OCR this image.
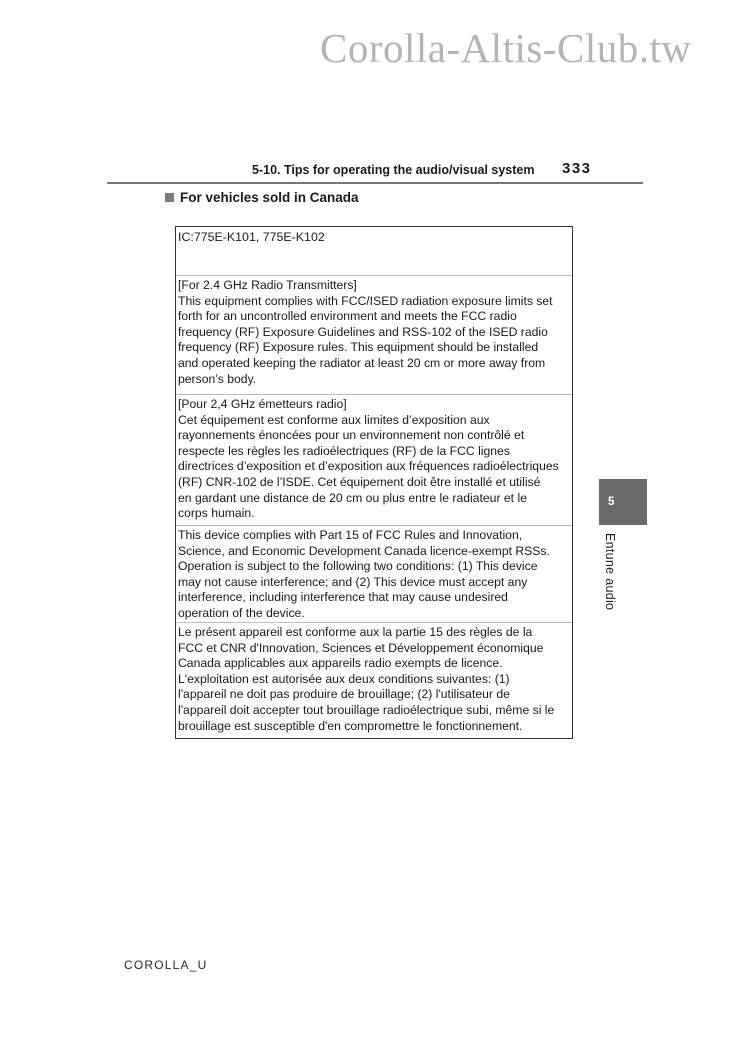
Corolla-Altis-Club.tw
5-10. Tips for operating the audio/visual system 333
For vehicles sold in Canada
IC:775E-K101, 775E-K102
[For 2.4 GHz Radio Transmitters]
This equipment complies with FCC/ISED radiation exposure limits set
forth for an uncontrolled environment and meets the FCC radio
frequency (RF) Exposure Guidelines and RSS-102 of the ISED radio
frequency (RF) Exposure rules. This equipment should be installed
and operated keeping the radiator at least 20 cm or more away from
person’s body.
[Pour 2,4 GHz émetteurs radio]
Cet équipement est conforme aux limites d’exposition aux
rayonnements énoncées pour un environnement non contrôlé et
respecte les règles les radioélectriques (RF) de la FCC lignes
directrices d’exposition et d’exposition aux fréquences radioélectriques
(RF) CNR-102 de l’ISDE. Cet équipement doit être installé et utilisé
en gardant une distance de 20 cm ou plus entre le radiateur et le
corps humain.
This device complies with Part 15 of FCC Rules and Innovation,
Science, and Economic Development Canada licence-exempt RSSs.
Operation is subject to the following two conditions: (1) This device
may not cause interference; and (2) This device must accept any
interference, including interference that may cause undesired
operation of the device.
Le présent appareil est conforme aux la partie 15 des règles de la
FCC et CNR d'Innovation, Sciences et Développement économique
Canada applicables aux appareils radio exempts de licence.
L'exploitation est autorisée aux deux conditions suivantes: (1)
l'appareil ne doit pas produire de brouillage; (2) l'utilisateur de
l'appareil doit accepter tout brouillage radioélectrique subi, même si le
brouillage est susceptible d'en compromettre le fonctionnement.
5
Entune audio
COROLLA_U
